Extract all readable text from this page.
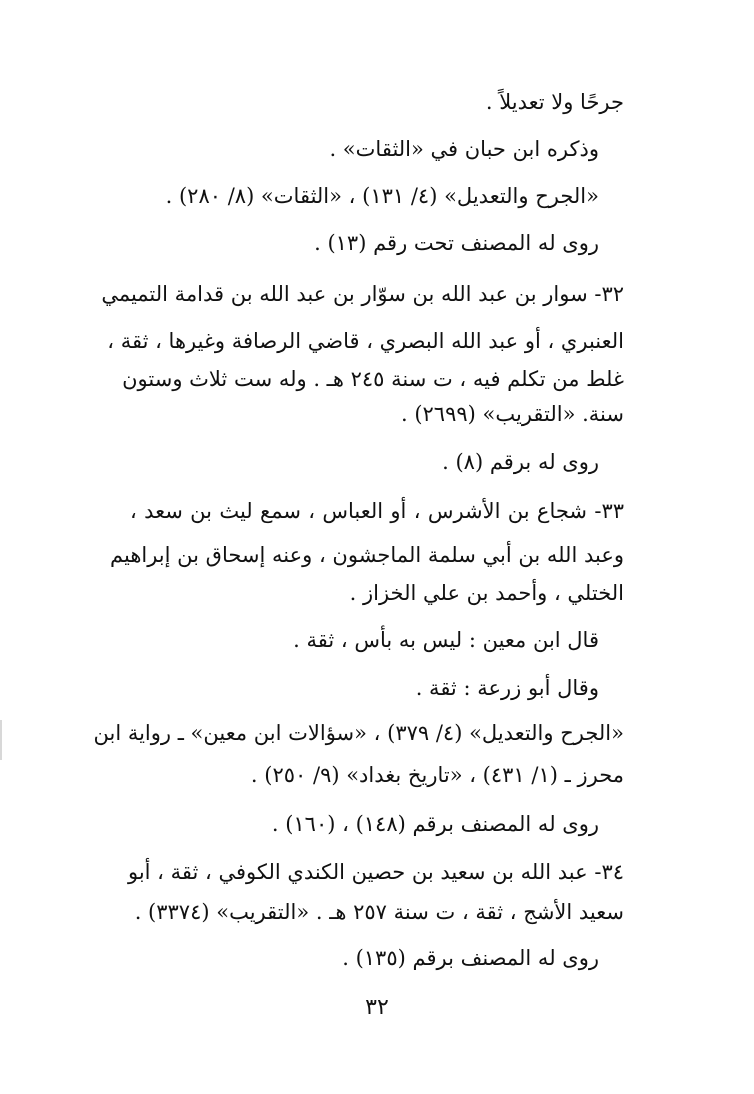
جرحًا ولا تعديلاً .
وذكره ابن حبان في «الثقات» .
«الجرح والتعديل» (٤/ ١٣١) ، «الثقات» (٨/ ٢٨٠) .
روى له المصنف تحت رقم (١٣) .
٣٢- سوار بن عبد الله بن سوّار بن عبد الله بن قدامة التميمي
العنبري ، أو عبد الله البصري ، قاضي الرصافة وغيرها ، ثقة ،
غلط من تكلم فيه ، ت سنة ٢٤٥ هـ . وله ست ثلاث وستون
سنة. «التقريب» (٢٦٩٩) .
روى له برقم (٨) .
٣٣- شجاع بن الأشرس ، أو العباس ، سمع ليث بن سعد ،
وعبد الله بن أبي سلمة الماجشون ، وعنه إسحاق بن إبراهيم
الختلي ، وأحمد بن علي الخزاز .
قال ابن معين : ليس به بأس ، ثقة .
وقال أبو زرعة : ثقة .
«الجرح والتعديل» (٤/ ٣٧٩) ، «سؤالات ابن معين» ـ رواية ابن
محرز ـ (١/ ٤٣١) ، «تاريخ بغداد» (٩/ ٢٥٠) .
روى له المصنف برقم (١٤٨) ، (١٦٠) .
٣٤- عبد الله بن سعيد بن حصين الكندي الكوفي ، ثقة ، أبو
سعيد الأشج ، ثقة ، ت سنة ٢٥٧ هـ . «التقريب» (٣٣٧٤) .
روى له المصنف برقم (١٣٥) .
٣٢
